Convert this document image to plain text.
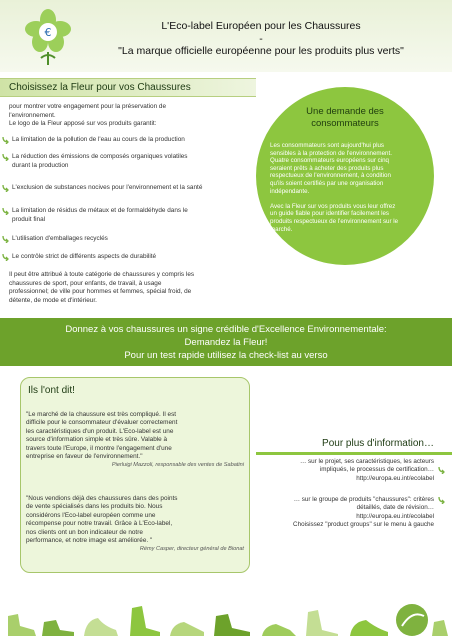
€	L'Eco-label Européen pour les Chaussures
-
"La marque officielle européenne pour les produits plus verts"
Choisissez la Fleur pour vos Chaussures
pour montrer votre engagement pour la préservation de
l'environnement.
Le logo de la Fleur apposé sur vos produits garantit:
La limitation de la pollution de l'eau au cours de la production
La réduction des émissions de composés organiques volatiles
durant la production
L'exclusion de substances nocives pour l'environnement et la santé
La limitation de résidus de métaux et de formaldéhyde dans le
produit final
L'utilisation d'emballages recyclés
Le contrôle strict de différents aspects de durabilité
Il peut être attribué à toute catégorie de chaussures y compris les
chaussures de sport, pour enfants, de travail, à usage
professionnel; de ville pour hommes et femmes, spécial froid, de
détente, de mode et d'intérieur.
Une demande des
consommateurs
Les consommateurs sont aujourd'hui plus
sensibles à la protection de l'environnement.
Quatre consommateurs européens sur cinq
seraient prêts à acheter des produits plus
respectueux de l'environnement, à condition
qu'ils soient certifiés par une organisation
indépendante.
Avec la Fleur sur vos produits vous leur offrez
un guide fiable pour identifier facilement les
produits respectueux de l'environnement sur le
marché.
Donnez à vos chaussures un signe crédible d'Excellence Environnementale:
Demandez la Fleur!
Pour un test rapide utilisez la check-list au verso
Ils l'ont dit!
"Le marché de la chaussure est très compliqué. Il est
difficile pour le consommateur d'évaluer correctement
les caractéristiques d'un produit. L'Eco-label est une
source d'information simple et très sûre. Valable à
travers toute l'Europe, il montre l'engagement d'une
entreprise en faveur de l'environnement."
Pierluigi Mazzoli, responsable des ventes de Sabatini
"Nous vendions déjà des chaussures dans des points
de vente spécialisés dans les produits bio. Nous
considérons l'Eco-label européen comme une
récompense pour notre travail. Grâce à L'Eco-label,
nos clients ont un bon indicateur de notre
performance, et notre image est améliorée. "
Rémy Casper, directeur général de Bionat
Pour plus d'information…
… sur le projet, ses caractéristiques, les acteurs
impliqués, le processus de certification…
http://europa.eu.int/ecolabel
… sur le groupe de produits "chaussures": critères
détaillés, date de révision…
http://europa.eu.int/ecolabel
Choisissez "product groups" sur le menu à gauche
